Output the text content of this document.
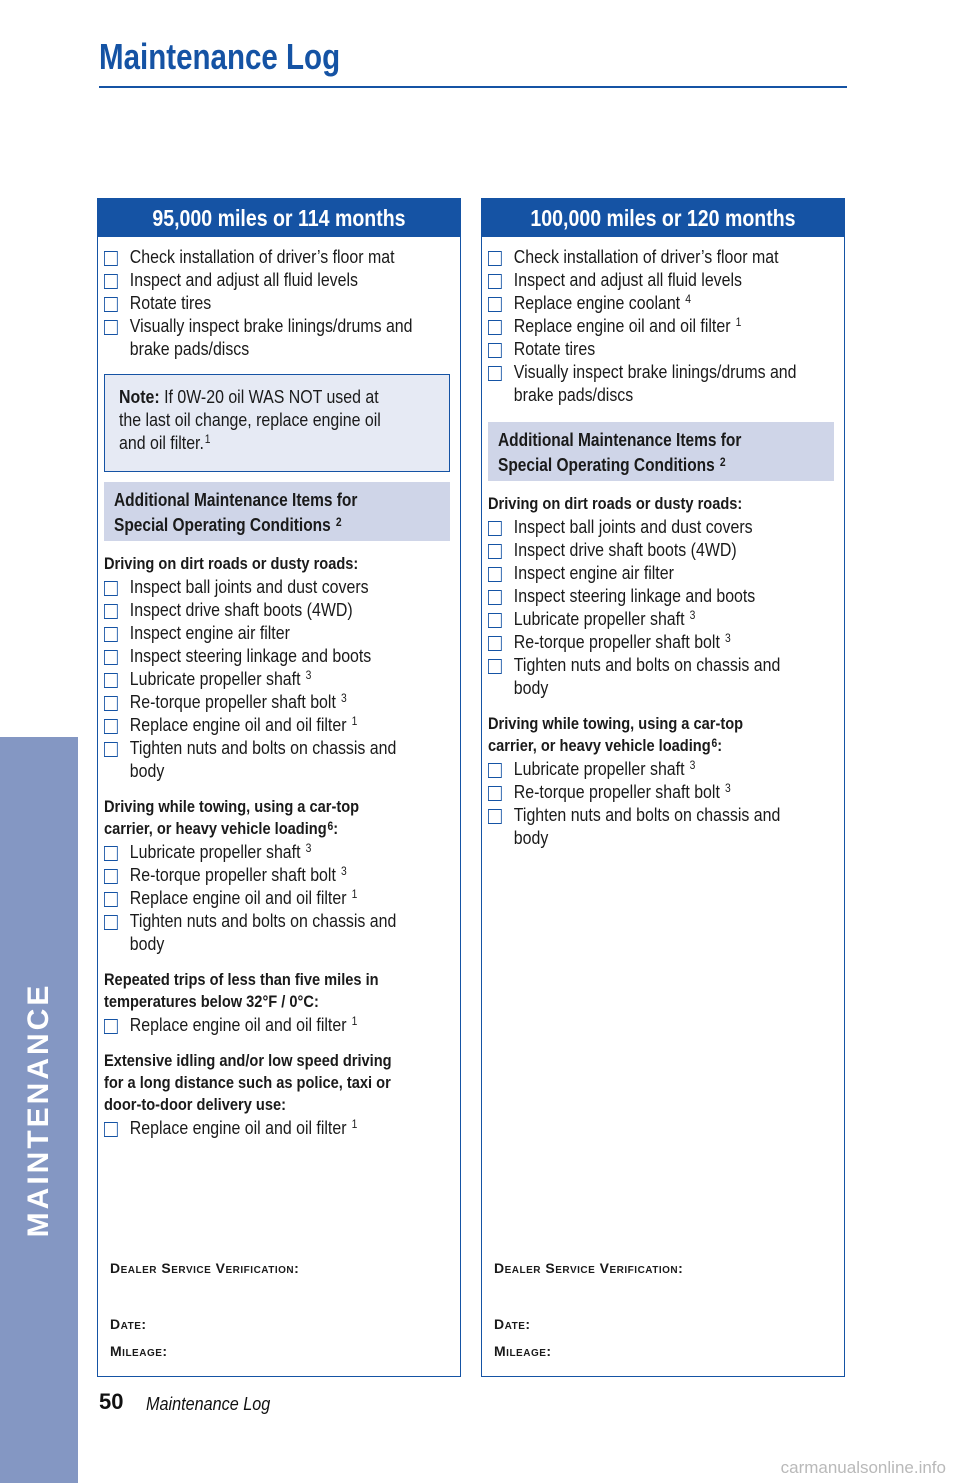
Maintenance Log
MAINTENANCE
95,000 miles or 114 months
Check installation of driver’s floor mat
Inspect and adjust all fluid levels
Rotate tires
Visually inspect brake linings/drums and
brake pads/discs
Note: If 0W-20 oil WAS NOT used at
the last oil change, replace engine oil
and oil filter.$^1$
Additional Maintenance Items for
Special Operating Conditions $^2$
Driving on dirt roads or dusty roads:
Inspect ball joints and dust covers
Inspect drive shaft boots (4WD)
Inspect engine air filter
Inspect steering linkage and boots
Lubricate propeller shaft $^3$
Re-torque propeller shaft bolt $^3$
Replace engine oil and oil filter $^1$
Tighten nuts and bolts on chassis and
body
Driving while towing, using a car-top
carrier, or heavy vehicle loading$^6$:
Lubricate propeller shaft $^3$
Re-torque propeller shaft bolt $^3$
Replace engine oil and oil filter $^1$
Tighten nuts and bolts on chassis and
body
Repeated trips of less than five miles in
temperatures below 32°F / 0°C:
Replace engine oil and oil filter $^1$
Extensive idling and/or low speed driving
for a long distance such as police, taxi or
door-to-door delivery use:
Replace engine oil and oil filter $^1$
Dealer Service Verification:
Date:
Mileage:
100,000 miles or 120 months
Check installation of driver’s floor mat
Inspect and adjust all fluid levels
Replace engine coolant $^4$
Replace engine oil and oil filter $^1$
Rotate tires
Visually inspect brake linings/drums and
brake pads/discs
Additional Maintenance Items for
Special Operating Conditions $^2$
Driving on dirt roads or dusty roads:
Inspect ball joints and dust covers
Inspect drive shaft boots (4WD)
Inspect engine air filter
Inspect steering linkage and boots
Lubricate propeller shaft $^3$
Re-torque propeller shaft bolt $^3$
Tighten nuts and bolts on chassis and
body
Driving while towing, using a car-top
carrier, or heavy vehicle loading$^6$:
Lubricate propeller shaft $^3$
Re-torque propeller shaft bolt $^3$
Tighten nuts and bolts on chassis and
body
Dealer Service Verification:
Date:
Mileage:
50 Maintenance Log
carmanualsonline.info
